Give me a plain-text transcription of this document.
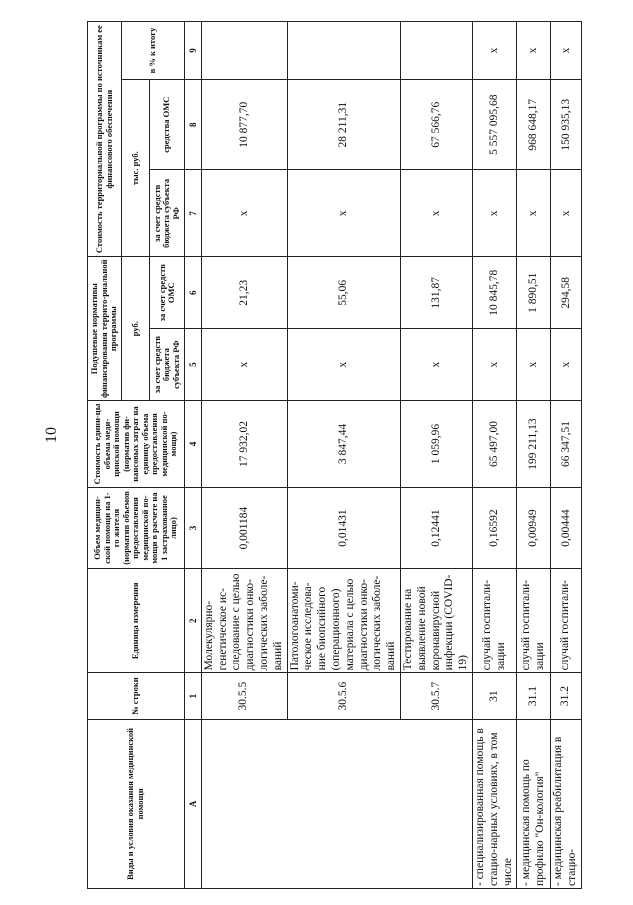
10
Виды и условия оказания медицинской помощи	№ строки	Единица измерения	Объем медицин-ской помощи на 1-го жителя (норматив объемов предоставления медицинской по-мощи в расчете на 1 застрахованное лицо)	Стоимость едини-цы объема меди-цинской помощи (норматив фи-нансовых затрат на единицу объема предоставления медицинской по-мощи)	Подушевые нормативы финансирования террито-риальной программы		Стоимость территориальной программы по источникам ее финансового обеспечения		
					руб.		тыс. руб.		в % к итогу
					за счет средств бюджета субъекта РФ	за счет средств ОМС	за счет средств бюджета субъекта РФ	средства ОМС	
А	1	2	3	4	5	6	7	8	9
	30.5.5	Молекулярно-генетическое ис-следование с целью диагностики онко-логических заболе-ваний	0,001184	17 932,02	x	21,23	x	10 877,70	
	30.5.6	Патологоанатоми-ческое исследова-ние биопсийного (операционного) материала с целью диагностики онко-логических заболе-ваний	0,01431	3 847,44	x	55,06	x	28 211,31	
	30.5.7	Тестирование на выявление новой коронавирусной инфекции (COVID-19)	0,12441	1 059,96	x	131,87	x	67 566,76	
- специализированная помощь в стацио-нарных условиях, в том числе	31	случай госпитали-зации	0,16592	65 497,00	x	10 845,78	x	5 557 095,68	x
- медицинская помощь по профилю "Он-кология"	31.1	случай госпитали-зации	0,00949	199 211,13	x	1 890,51	x	968 648,17	x
- медицинская реабилитация в стацио-	31.2	случай госпитали-	0,00444	66 347,51	x	294,58	x	150 935,13	x
